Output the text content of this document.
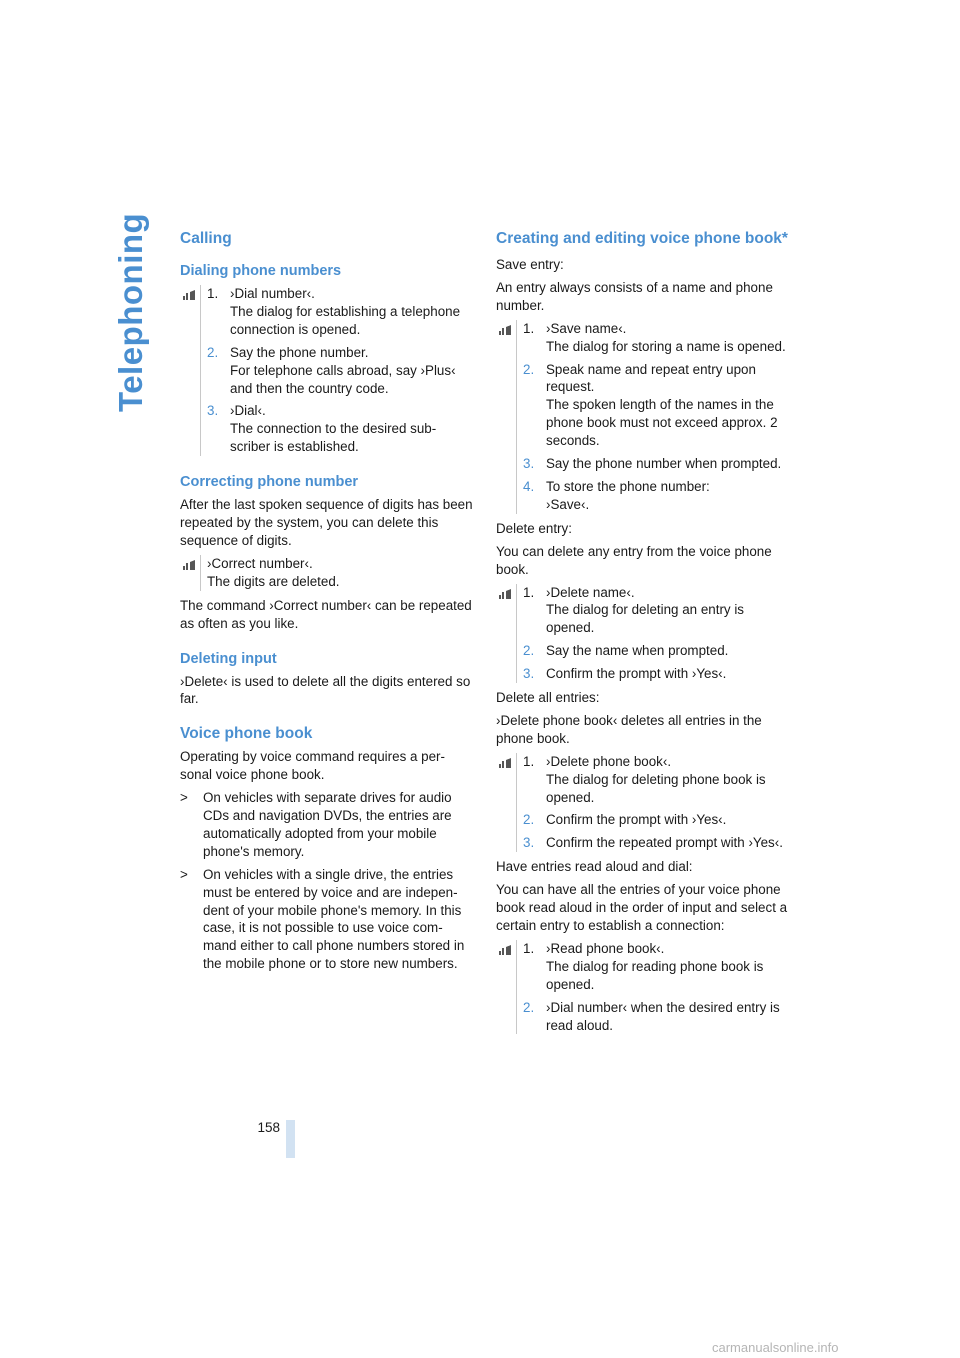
Telephoning Calling
Dialing phone numbers
1. ›Dial number‹.
The dialog for establishing a telephone connection is opened.
2. Say the phone number.
For telephone calls abroad, say ›Plus‹ and then the country code.
3. ›Dial‹.
The connection to the desired sub-scriber is established.
Correcting phone number

After the last spoken sequence of digits has been repeated by the system, you can delete this sequence of digits.

›Correct number‹.
The digits are deleted.

The command ›Correct number‹ can be repeated as often as you like.

Deleting input

›Delete‹ is used to delete all the digits entered so far.

Voice phone book

Operating by voice command requires a per-sonal voice phone book.

>	On vehicles with separate drives for audio CDs and navigation DVDs, the entries are automatically adopted from your mobile phone's memory.
>	On vehicles with a single drive, the entries must be entered by voice and are indepen-dent of your mobile phone's memory. In this case, it is not possible to use voice com-mand either to call phone numbers stored in the mobile phone or to store new numbers.
Creating and editing voice phone book*

Save entry:

An entry always consists of a name and phone number.

1. ›Save name‹.
The dialog for storing a name is opened.
2. Speak name and repeat entry upon request.
The spoken length of the names in the phone book must not exceed approx. 2 seconds.
3. Say the phone number when prompted.
4. To store the phone number:
›Save‹.

Delete entry:

You can delete any entry from the voice phone book.

1. ›Delete name‹.
The dialog for deleting an entry is opened.
2. Say the name when prompted.
3. Confirm the prompt with ›Yes‹.

Delete all entries:

›Delete phone book‹ deletes all entries in the phone book.

1. ›Delete phone book‹.
The dialog for deleting phone book is opened.
2. Confirm the prompt with ›Yes‹.
3. Confirm the repeated prompt with ›Yes‹.

Have entries read aloud and dial:

You can have all the entries of your voice phone book read aloud in the order of input and select a certain entry to establish a connection:

1. ›Read phone book‹.
The dialog for reading phone book is opened.
2. ›Dial number‹ when the desired entry is read aloud.
158
carmanualsonline.info
